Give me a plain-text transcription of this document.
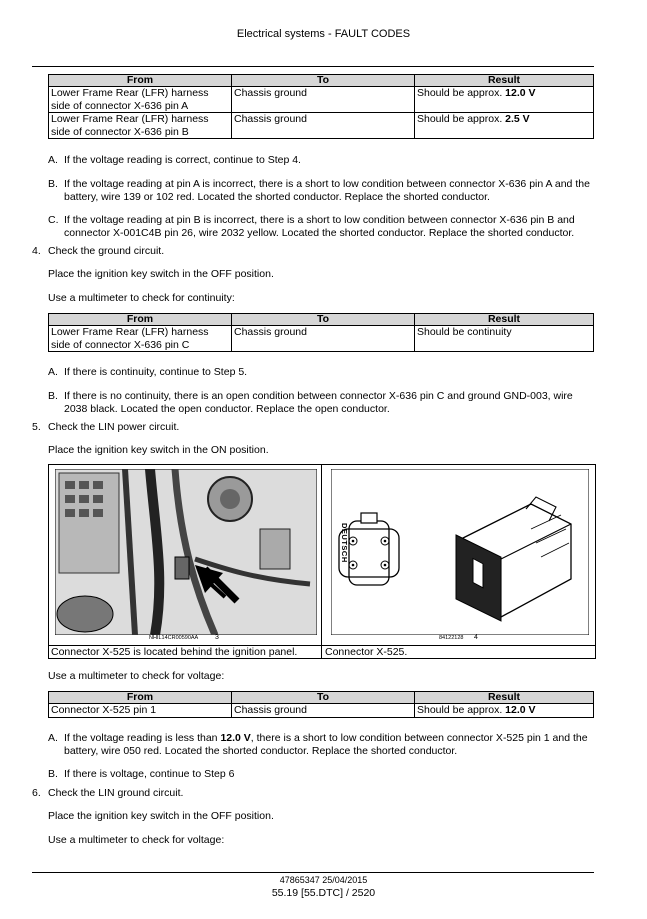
Electrical systems - FAULT CODES
From	To	Result
Lower Frame Rear (LFR) harness side of connector X-636 pin A	Chassis ground	Should be approx. 12.0 V
Lower Frame Rear (LFR) harness side of connector X-636 pin B	Chassis ground	Should be approx. 2.5 V
A. If the voltage reading is correct, continue to Step 4.
B. If the voltage reading at pin A is incorrect, there is a short to low condition between connector X-636 pin A and the battery, wire 139 or 102 red. Located the shorted conductor. Replace the shorted conductor.
C. If the voltage reading at pin B is incorrect, there is a short to low condition between connector X-636 pin B and connector X-001C4B pin 26, wire 2032 yellow. Located the shorted conductor. Replace the shorted conductor.
4. Check the ground circuit.
Place the ignition key switch in the OFF position.
Use a multimeter to check for continuity:
From	To	Result
Lower Frame Rear (LFR) harness side of connector X-636 pin C	Chassis ground	Should be continuity
A. If there is continuity, continue to Step 5.
B. If there is no continuity, there is an open condition between connector X-636 pin C and ground GND-003, wire 2038 black. Located the open conductor. Replace the open conductor.
5. Check the LIN power circuit.
Place the ignition key switch in the ON position.
NHIL14CR00590AA 3
DEUTSCH
84122128 4
Connector X-525 is located behind the ignition panel.	Connector X-525.
Use a multimeter to check for voltage:
From	To	Result
Connector X-525 pin 1	Chassis ground	Should be approx. 12.0 V
A. If the voltage reading is less than 12.0 V, there is a short to low condition between connector X-525 pin 1 and the battery, wire 050 red. Located the shorted conductor. Replace the shorted conductor.
B. If there is voltage, continue to Step 6
6. Check the LIN ground circuit.
Place the ignition key switch in the OFF position.
Use a multimeter to check for voltage:
47865347 25/04/2015
55.19 [55.DTC] / 2520
